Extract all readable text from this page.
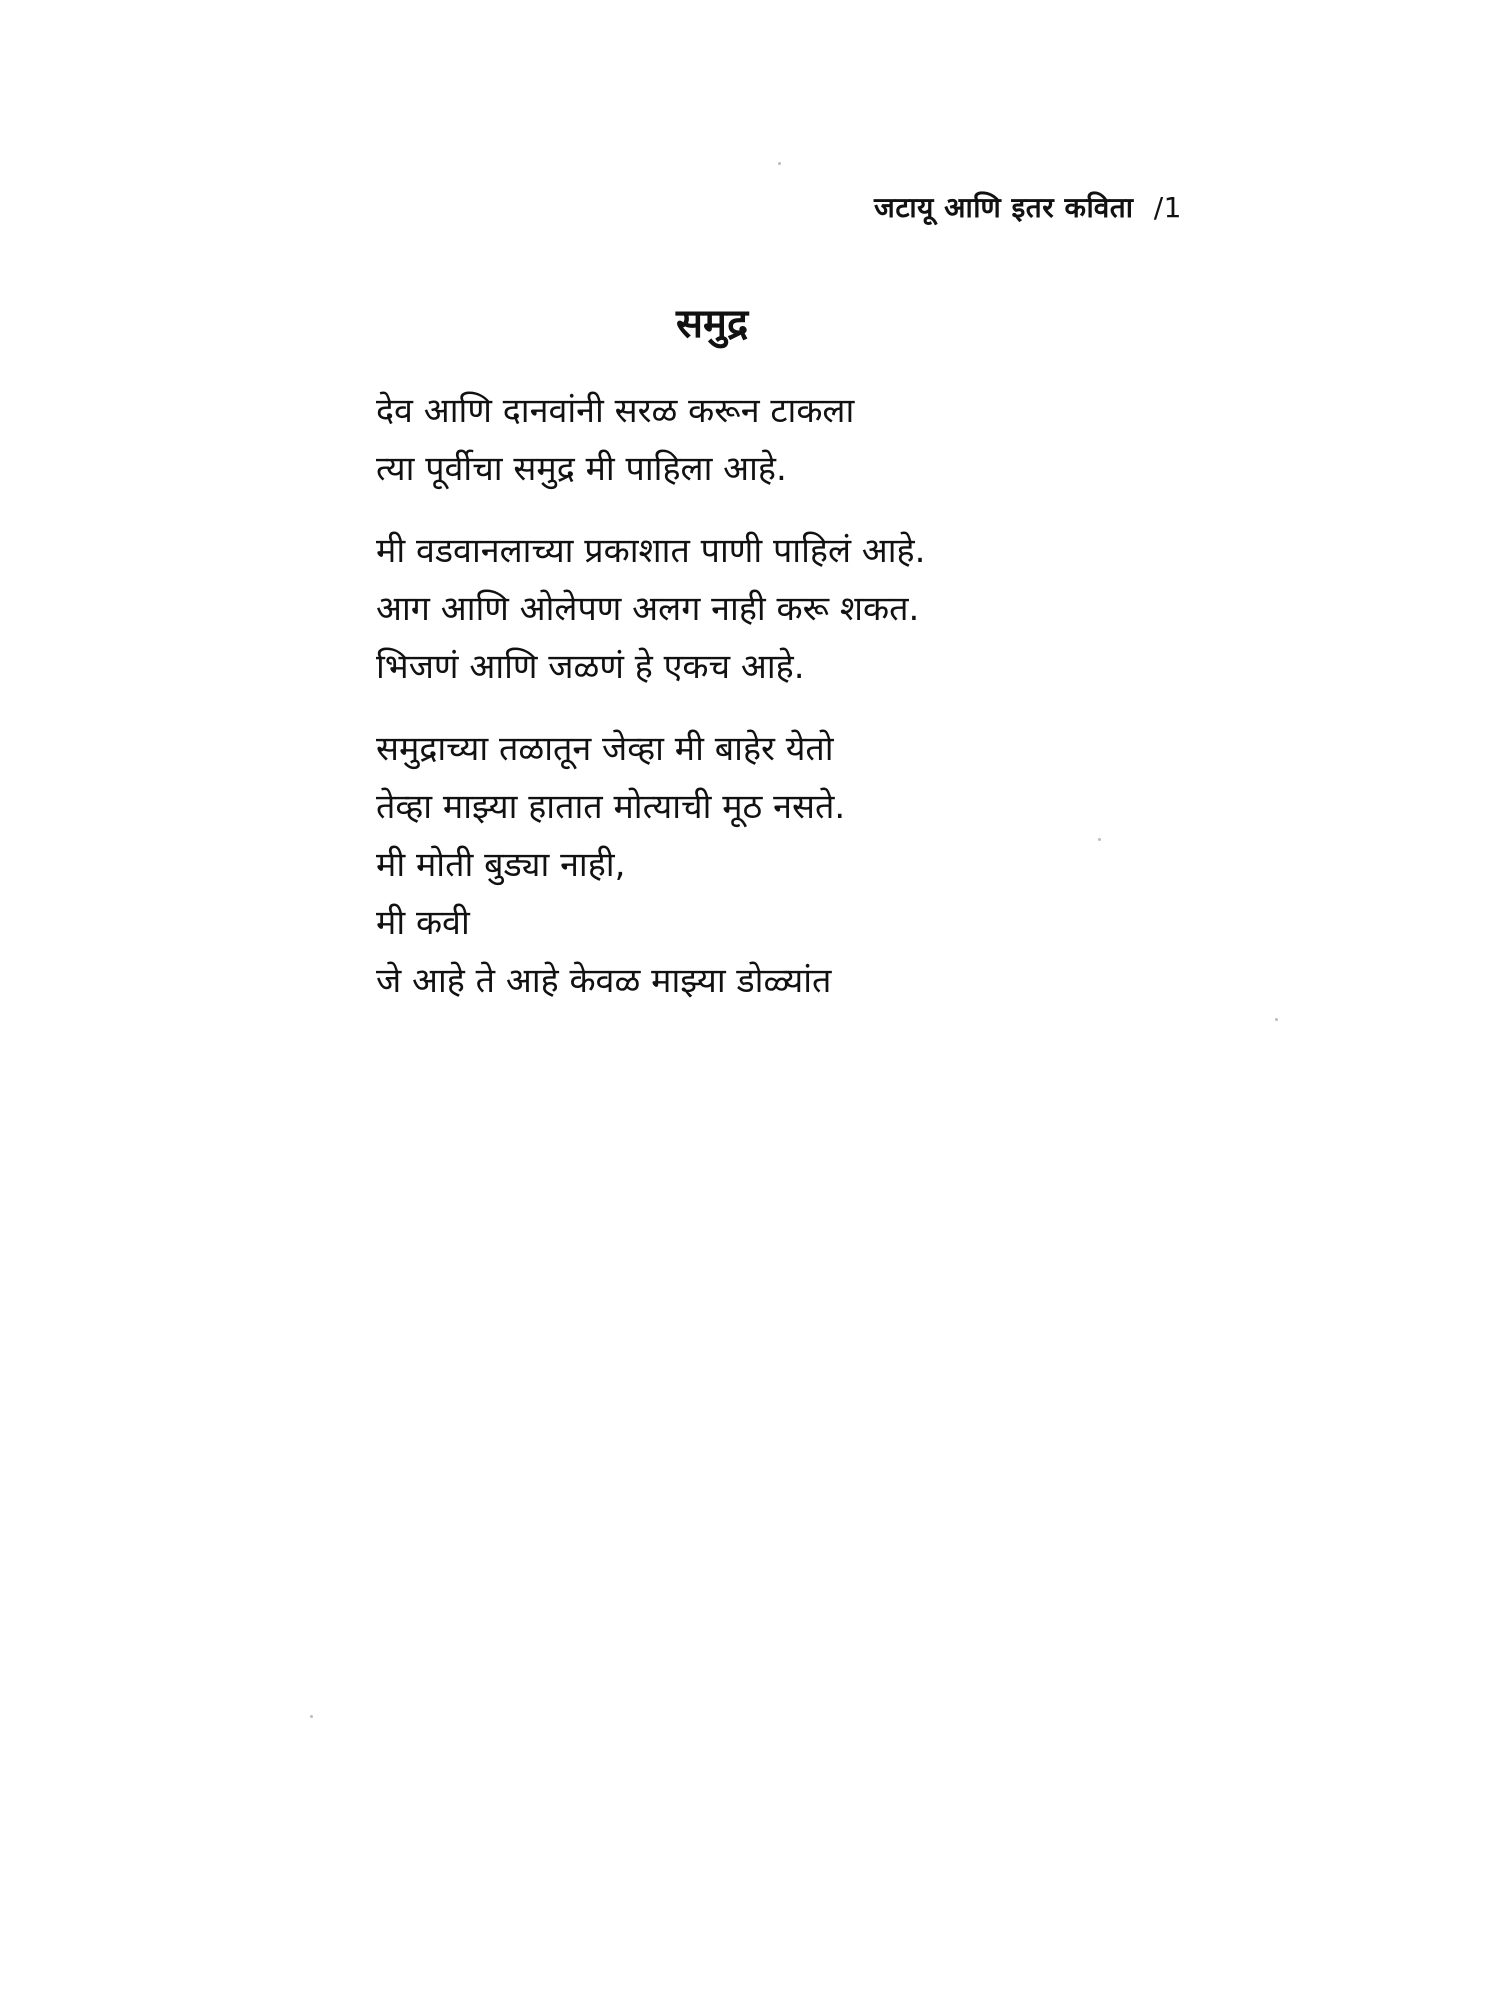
जटायू आणि इतर कविता /1
समुद्र
देव आणि दानवांनी सरळ करून टाकला
त्या पूर्वीचा समुद्र मी पाहिला आहे.
मी वडवानलाच्या प्रकाशात पाणी पाहिलं आहे.
आग आणि ओलेपण अलग नाही करू शकत.
भिजणं आणि जळणं हे एकच आहे.
समुद्राच्या तळातून जेव्हा मी बाहेर येतो
तेव्हा माझ्या हातात मोत्याची मूठ नसते.
मी मोती बुड्या नाही,
मी कवी
जे आहे ते आहे केवळ माझ्या डोळ्यांत
